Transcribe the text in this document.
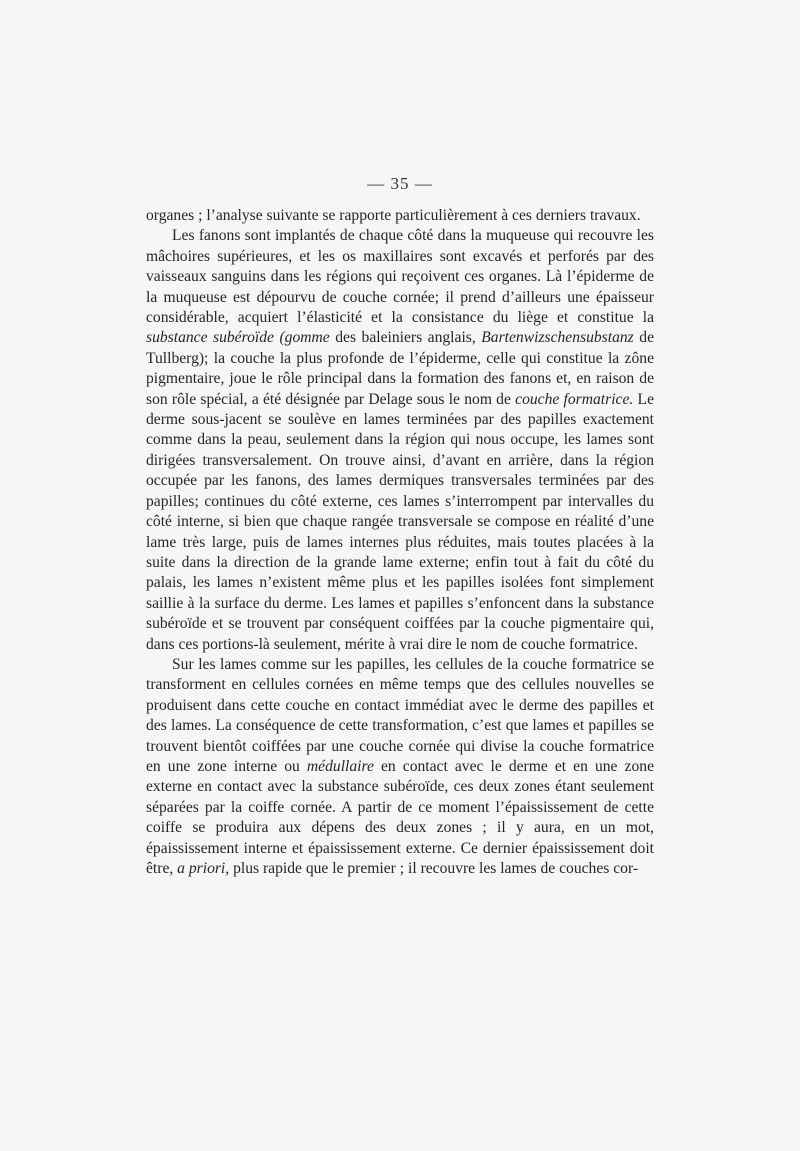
— 35 —

organes ; l’analyse suivante se rapporte particulièrement à ces derniers travaux.

Les fanons sont implantés de chaque côté dans la muqueuse qui recouvre les mâchoires supérieures, et les os maxillaires sont excavés et perforés par des vaisseaux sanguins dans les régions qui reçoivent ces organes. Là l’épiderme de la muqueuse est dépourvu de couche cornée; il prend d’ailleurs une épaisseur considérable, acquiert l’élasticité et la consistance du liège et constitue la substance subéroïde (gomme des baleiniers anglais, Bartenwizschensubstanz de Tullberg); la couche la plus profonde de l’épiderme, celle qui constitue la zône pigmentaire, joue le rôle principal dans la formation des fanons et, en raison de son rôle spécial, a été désignée par Delage sous le nom de couche formatrice. Le derme sous-jacent se soulève en lames terminées par des papilles exactement comme dans la peau, seulement dans la région qui nous occupe, les lames sont dirigées transversalement. On trouve ainsi, d’avant en arrière, dans la région occupée par les fanons, des lames dermiques transversales terminées par des papilles; continues du côté externe, ces lames s’interrompent par intervalles du côté interne, si bien que chaque rangée transversale se compose en réalité d’une lame très large, puis de lames internes plus réduites, mais toutes placées à la suite dans la direction de la grande lame externe; enfin tout à fait du côté du palais, les lames n’existent même plus et les papilles isolées font simplement saillie à la surface du derme. Les lames et papilles s’enfoncent dans la substance subéroïde et se trouvent par conséquent coiffées par la couche pigmentaire qui, dans ces portions-là seulement, mérite à vrai dire le nom de couche formatrice.

Sur les lames comme sur les papilles, les cellules de la couche formatrice se transforment en cellules cornées en même temps que des cellules nouvelles se produisent dans cette couche en contact immédiat avec le derme des papilles et des lames. La conséquence de cette transformation, c’est que lames et papilles se trouvent bientôt coiffées par une couche cornée qui divise la couche formatrice en une zone interne ou médullaire en contact avec le derme et en une zone externe en contact avec la substance subéroïde, ces deux zones étant seulement séparées par la coiffe cornée. A partir de ce moment l’épaississement de cette coiffe se produira aux dépens des deux zones ; il y aura, en un mot, épaississement interne et épaississement externe. Ce dernier épaississement doit être, a priori, plus rapide que le premier ; il recouvre les lames de couches cor-
